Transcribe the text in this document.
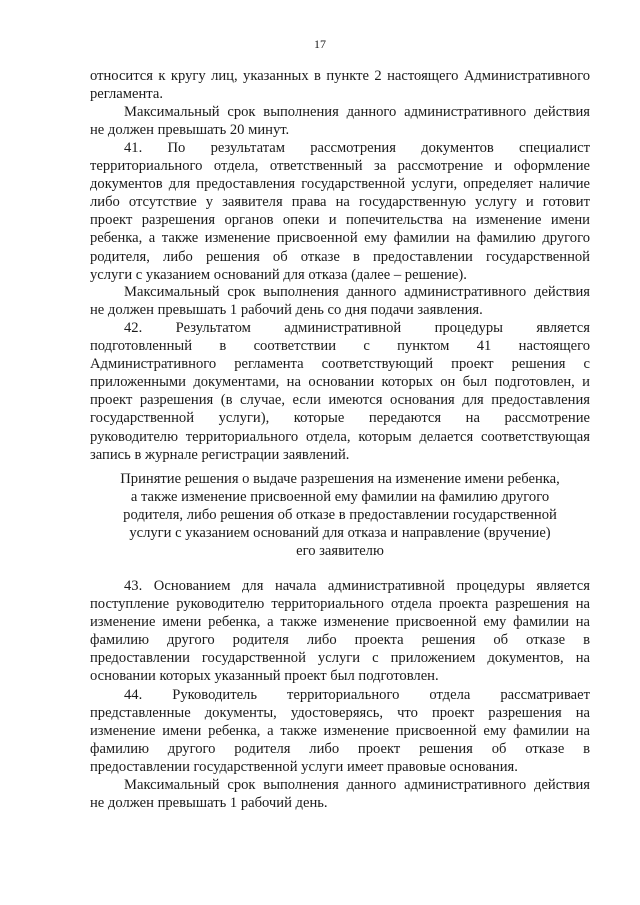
17
относится к кругу лиц, указанных в пункте 2 настоящего Административного
регламента.
Максимальный срок выполнения данного административного действия
не должен превышать 20 минут.
41. По результатам рассмотрения документов специалист
территориального отдела, ответственный за рассмотрение и оформление
документов для предоставления государственной услуги, определяет наличие
либо отсутствие у заявителя права на государственную услугу и готовит
проект разрешения органов опеки и попечительства на изменение имени
ребенка, а также изменение присвоенной ему фамилии на фамилию другого
родителя, либо решения об отказе в предоставлении государственной
услуги с указанием оснований для отказа (далее – решение).
Максимальный срок выполнения данного административного действия
не должен превышать 1 рабочий день со дня подачи заявления.
42. Результатом административной процедуры является
подготовленный в соответствии с пунктом 41 настоящего
Административного регламента соответствующий проект решения с
приложенными документами, на основании которых он был подготовлен, и
проект разрешения (в случае, если имеются основания для предоставления
государственной услуги), которые передаются на рассмотрение
руководителю территориального отдела, которым делается соответствующая
запись в журнале регистрации заявлений.
Принятие решения о выдаче разрешения на изменение имени ребенка,
а также изменение присвоенной ему фамилии на фамилию другого
родителя, либо решения об отказе в предоставлении государственной
услуги с указанием оснований для отказа и направление (вручение)
его заявителю
43. Основанием для начала административной процедуры является
поступление руководителю территориального отдела проекта разрешения на
изменение имени ребенка, а также изменение присвоенной ему фамилии на
фамилию другого родителя либо проекта решения об отказе в
предоставлении государственной услуги с приложением документов, на
основании которых указанный проект был подготовлен.
44. Руководитель территориального отдела рассматривает
представленные документы, удостоверяясь, что проект разрешения на
изменение имени ребенка, а также изменение присвоенной ему фамилии на
фамилию другого родителя либо проект решения об отказе в
предоставлении государственной услуги имеет правовые основания.
Максимальный срок выполнения данного административного действия
не должен превышать 1 рабочий день.
